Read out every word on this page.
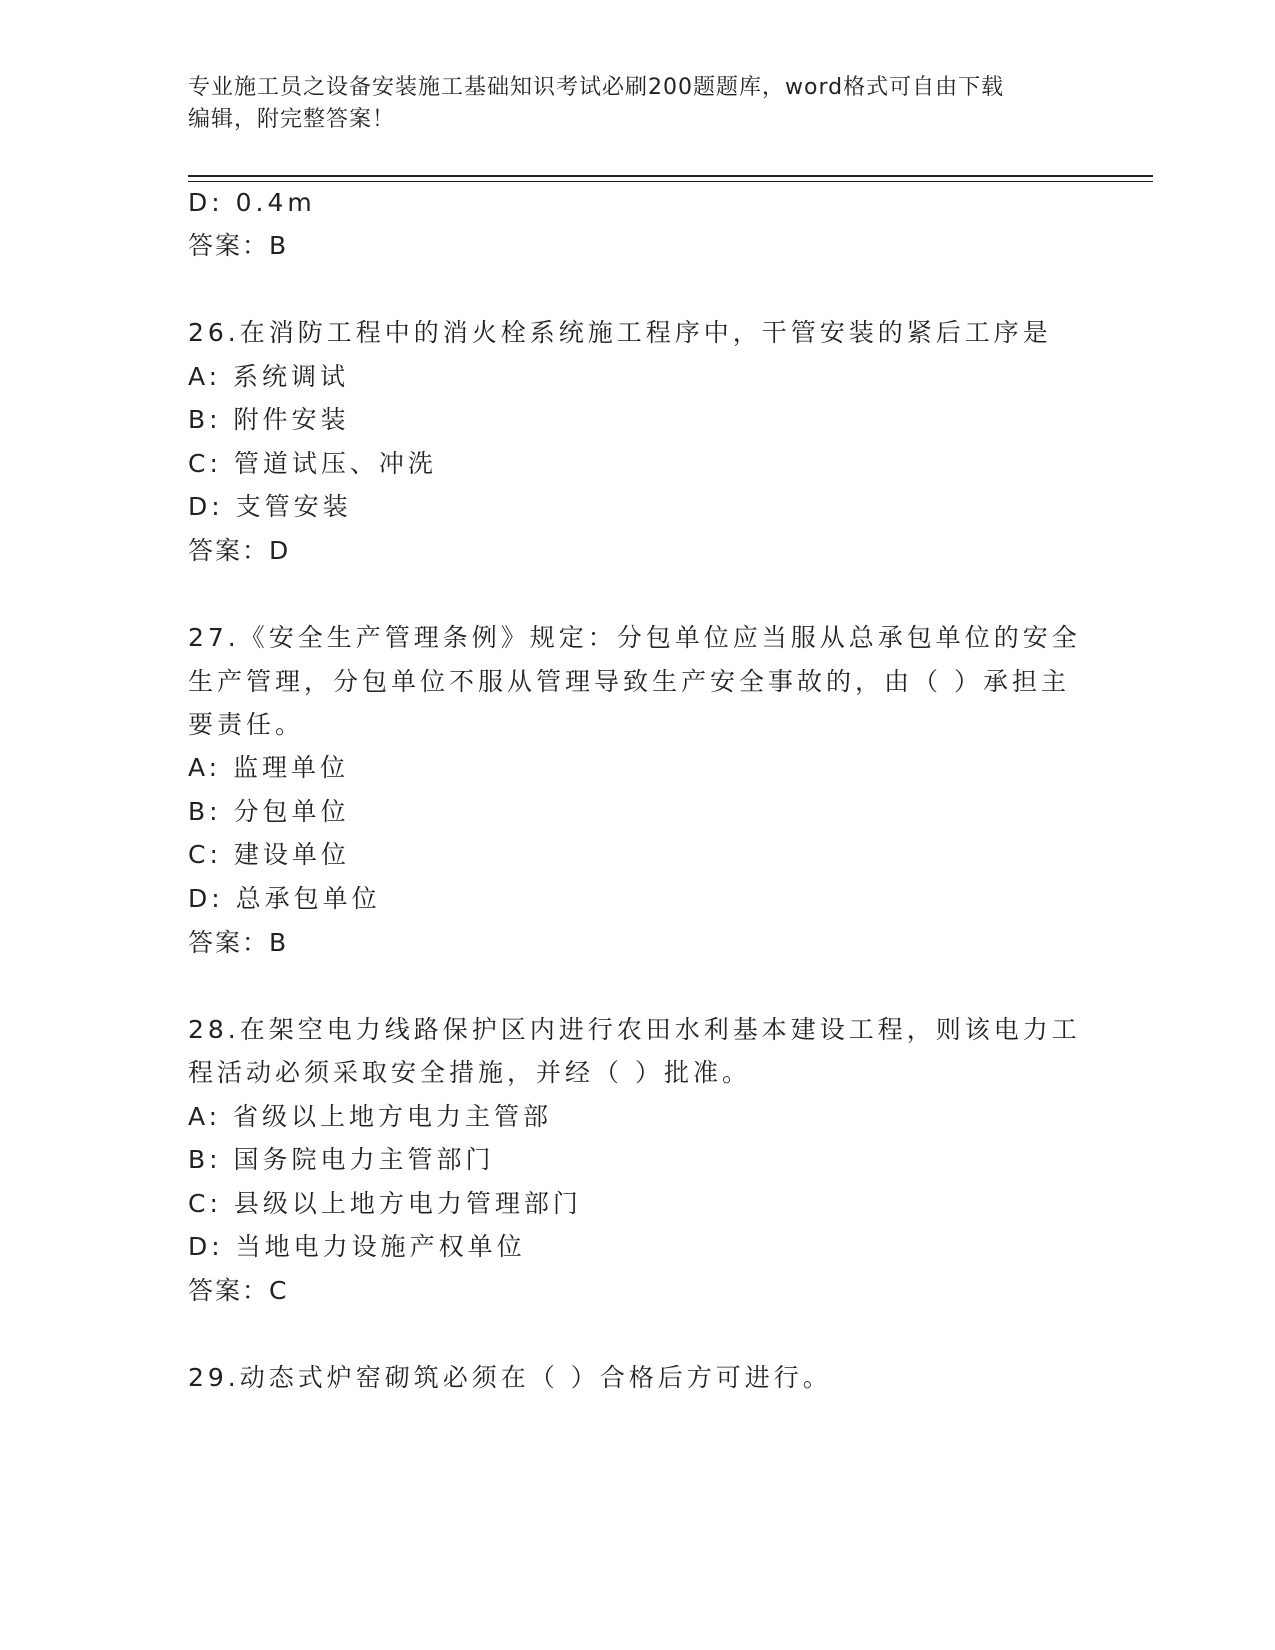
专业施工员之设备安装施工基础知识考试必刷200题题库，word格式可自由下载
编辑，附完整答案！
D: 0.4m
答案：B
26.在消防工程中的消火栓系统施工程序中，干管安装的紧后工序是
A: 系统调试
B: 附件安装
C: 管道试压、冲洗
D: 支管安装
答案：D
27.《安全生产管理条例》规定：分包单位应当服从总承包单位的安全
生产管理，分包单位不服从管理导致生产安全事故的，由（ ）承担主
要责任。
A: 监理单位
B: 分包单位
C: 建设单位
D: 总承包单位
答案：B
28.在架空电力线路保护区内进行农田水利基本建设工程，则该电力工
程活动必须采取安全措施，并经（ ）批准。
A: 省级以上地方电力主管部
B: 国务院电力主管部门
C: 县级以上地方电力管理部门
D: 当地电力设施产权单位
答案：C
29.动态式炉窑砌筑必须在（ ）合格后方可进行。
